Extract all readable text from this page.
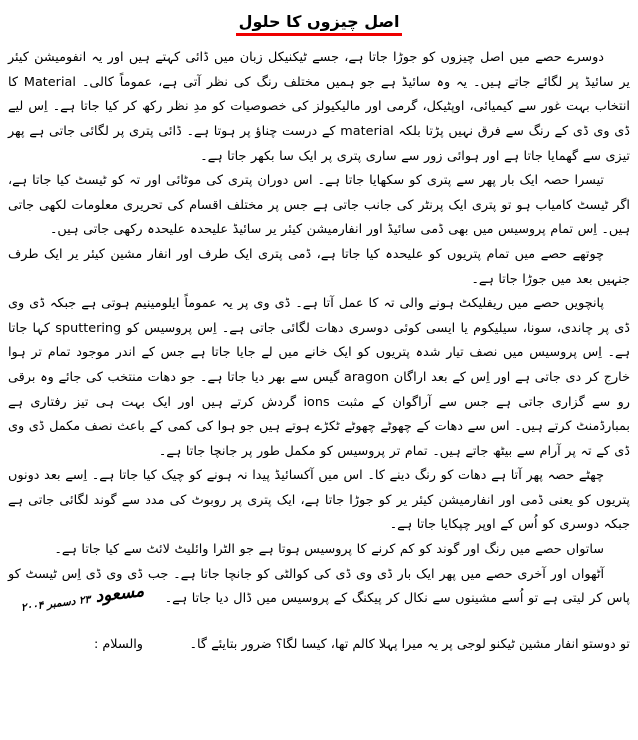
اصل چیزوں کا حلول

دوسرے حصے میں اصل چیزوں کو جوڑا جاتا ہے، جسے ٹیکنیکل زبان میں ڈائی کہتے ہیں اور یہ انفومیشن کیئر یر سائیڈ پر لگائے جاتے ہیں۔ یہ وہ سائیڈ ہے جو ہمیں مختلف رنگ کی نظر آتی ہے، عموماً کالی۔ Material کا انتخاب بہت غور سے کیمیائی، اوپٹیکل، گرمی اور مالیکیولز کی خصوصیات کو مدِ نظر رکھ کر کیا جاتا ہے۔ اِس لیے ڈی وی ڈی کے رنگ سے فرق نہیں پڑتا بلکہ material کے درست چناؤ پر ہوتا ہے۔ ڈائی پتری پر لگائی جاتی ہے پھر تیزی سے گھمایا جاتا ہے اور ہوائی زور سے ساری پتری پر ایک سا بکھر جاتا ہے۔

تیسرا حصہ ایک بار پھر سے پتری کو سکھایا جاتا ہے۔ اس دوران پتری کی موٹائی اور تہ کو ٹیسٹ کیا جاتا ہے، اگر ٹیسٹ کامیاب ہو تو پتری ایک پرنٹر کی جانب جاتی ہے جس پر مختلف اقسام کی تحریری معلومات لکھی جاتی ہیں۔ اِس تمام پروسیس میں بھی ڈمی سائیڈ اور انفارمیشن کیئر یر سائیڈ علیحدہ علیحدہ رکھی جاتی ہیں۔

چوتھے حصے میں تمام پتریوں کو علیحدہ کیا جاتا ہے، ڈمی پتری ایک طرف اور انفار مشین کیئر یر ایک طرف جنہیں بعد میں جوڑا جاتا ہے۔

پانچویں حصے میں ریفلیکٹ ہونے والی تہ کا عمل آتا ہے۔ ڈی وی پر یہ عموماً ایلومینیم ہوتی ہے جبکہ ڈی وی ڈی پر چاندی، سونا، سیلیکوم یا ایسی کوئی دوسری دھات لگائی جاتی ہے۔ اِس پروسیس کو sputtering کہا جاتا ہے۔ اِس پروسیس میں نصف تیار شدہ پتریوں کو ایک خانے میں لے جایا جاتا ہے جس کے اندر موجود تمام تر ہوا خارج کر دی جاتی ہے اور اِس کے بعد اراگان aragon گیس سے بھر دیا جاتا ہے۔ جو دھات منتخب کی جائے وہ برقی رو سے گزاری جاتی ہے جس سے آراگوان کے مثبت ions گردش کرتے ہیں اور ایک بہت ہی تیز رفتاری ہے بمبارڈمنٹ کرتے ہیں۔ اس سے دھات کے چھوٹے چھوٹے ٹکڑے ہوتے ہیں جو ہوا کی کمی کے باعث نصف مکمل ڈی وی ڈی کے تہ پر آرام سے بیٹھ جاتے ہیں۔ تمام تر پروسیس کو مکمل طور پر جانچا جاتا ہے۔

چھٹے حصہ پھر آتا ہے دھات کو رنگ دینے کا۔ اس میں آکسائیڈ پیدا نہ ہونے کو چیک کیا جاتا ہے۔ اِسے بعد دونوں پتریوں کو یعنی ڈمی اور انفارمیشن کیئر یر کو جوڑا جاتا ہے، ایک پتری پر روبوٹ کی مدد سے گوند لگائی جاتی ہے جبکہ دوسری کو اُس کے اوپر چپکایا جاتا ہے۔

ساتواں حصے میں رنگ اور گوند کو کم کرنے کا پروسیس ہوتا ہے جو الٹرا وائلیٹ لائٹ سے کیا جاتا ہے۔

آٹھواں اور آخری حصے میں پھر ایک بار ڈی وی ڈی کی کوالٹی کو جانچا جاتا ہے۔ جب ڈی وی ڈی اِس ٹیسٹ کو پاس کر لیتی ہے تو اُسے مشینوں سے نکال کر پیکنگ کے پروسیس میں ڈال دیا جاتا ہے۔

تو دوستو انفار مشین ٹیکنو لوجی پر یہ میرا پہلا کالم تھا، کیسا لگا؟ ضرور بتایئے گا۔
والسلام :
مسعود ۲۳ دسمبر ۲۰۰۴
